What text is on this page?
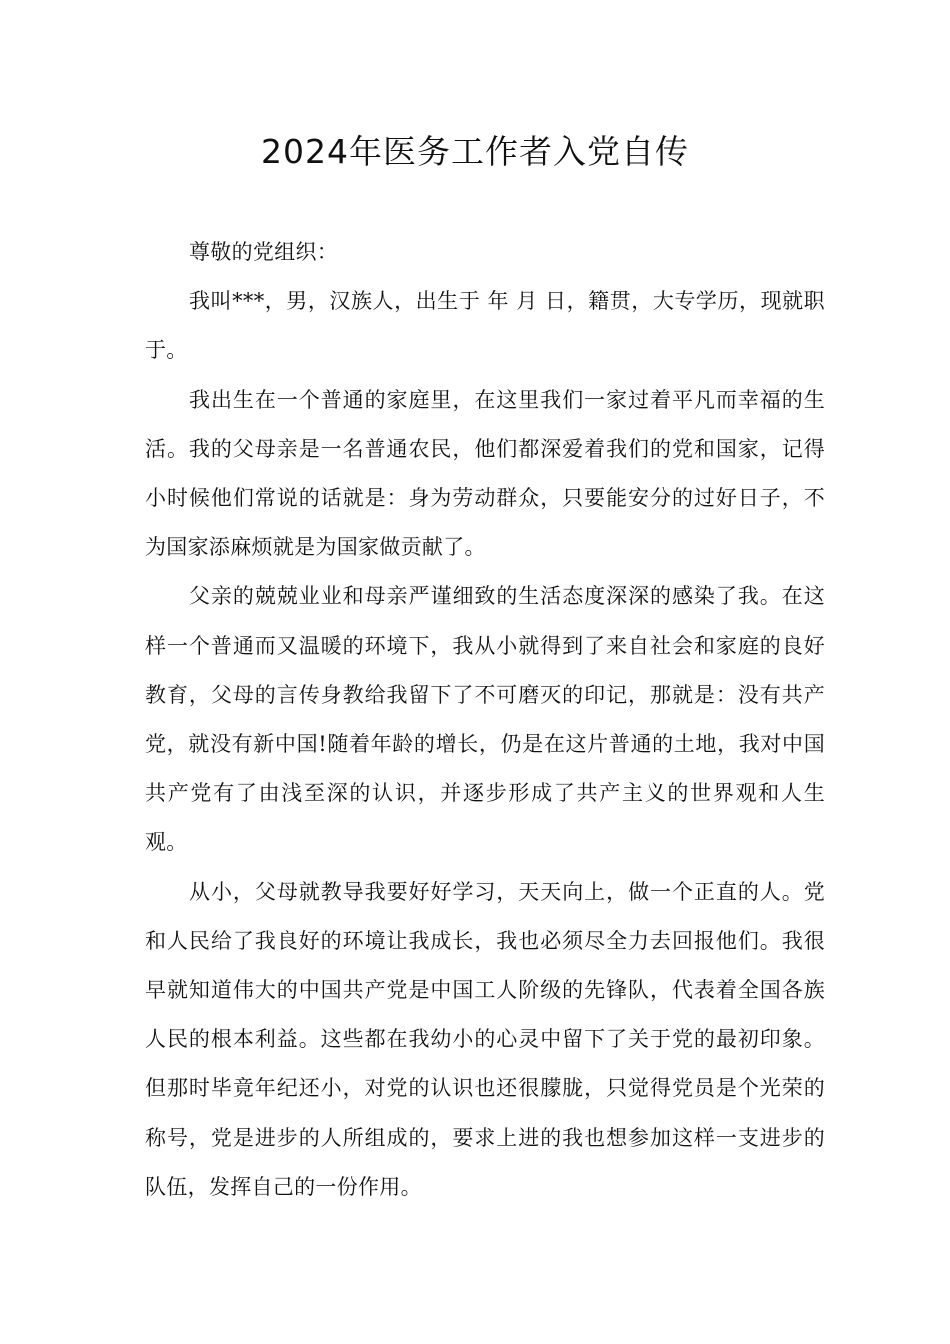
2024年医务工作者入党自传

尊敬的党组织：

我叫***，男，汉族人，出生于 年 月 日，籍贯，大专学历，现就职于。

我出生在一个普通的家庭里，在这里我们一家过着平凡而幸福的生活。我的父母亲是一名普通农民，他们都深爱着我们的党和国家，记得小时候他们常说的话就是：身为劳动群众，只要能安分的过好日子，不为国家添麻烦就是为国家做贡献了。

父亲的兢兢业业和母亲严谨细致的生活态度深深的感染了我。在这样一个普通而又温暖的环境下，我从小就得到了来自社会和家庭的良好教育，父母的言传身教给我留下了不可磨灭的印记，那就是：没有共产党，就没有新中国!随着年龄的增长，仍是在这片普通的土地，我对中国共产党有了由浅至深的认识，并逐步形成了共产主义的世界观和人生观。

从小，父母就教导我要好好学习，天天向上，做一个正直的人。党和人民给了我良好的环境让我成长，我也必须尽全力去回报他们。我很早就知道伟大的中国共产党是中国工人阶级的先锋队，代表着全国各族人民的根本利益。这些都在我幼小的心灵中留下了关于党的最初印象。但那时毕竟年纪还小，对党的认识也还很朦胧，只觉得党员是个光荣的称号，党是进步的人所组成的，要求上进的我也想参加这样一支进步的队伍，发挥自己的一份作用。
